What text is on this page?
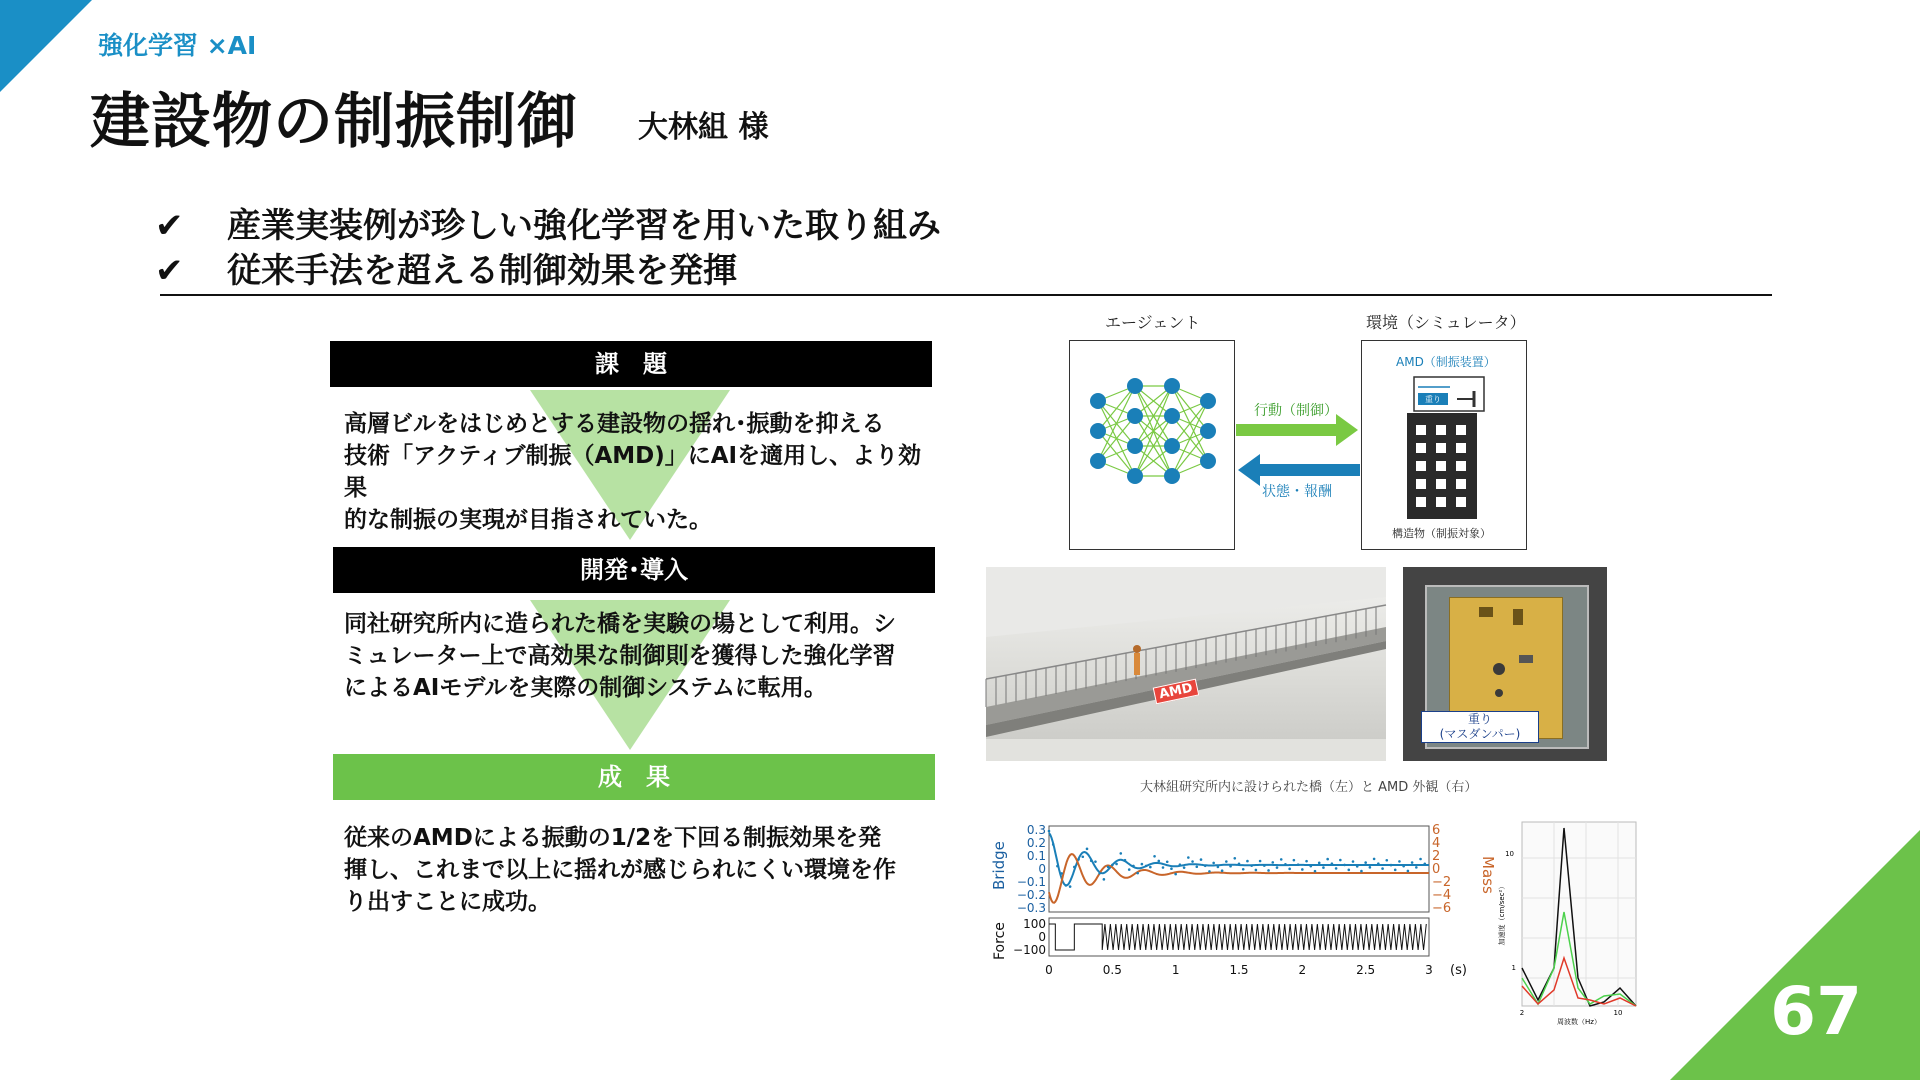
強化学習 ×AI
建設物の制振制御 大林組 様
✔ 産業実装例が珍しい強化学習を用いた取り組み
✔ 従来手法を超える制御効果を発揮
課　題
高層ビルをはじめとする建設物の揺れ･振動を抑える
技術「アクティブ制振（AMD)」にAIを適用し、より効果
的な制振の実現が目指されていた。
開発･導入
同社研究所内に造られた橋を実験の場として利用。シ
ミュレーター上で高効果な制御則を獲得した強化学習
によるAIモデルを実際の制御システムに転用。
成　果
従来のAMDによる振動の1/2を下回る制振効果を発
揮し、これまで以上に揺れが感じられにくい環境を作
り出すことに成功。
エージェント	環境（シミュレータ）
AMD（制振装置）
重り
構造物（制振対象）
行動（制御）
状態・報酬
AMD
重り
(マスダンパー)
大林組研究所内に設けられた橋（左）と AMD 外観（右）
0.3
0.2
0.1
0
−0.1
−0.2
−0.3
6
4
2
0
−2
−4
−6
100
0
−100
0	0.5	1	1.5	2	2.5	3
Bridge	Mass
Force
(s)
10
1
2	10
周波数（Hz）
加速度（cm/sec²）
67
